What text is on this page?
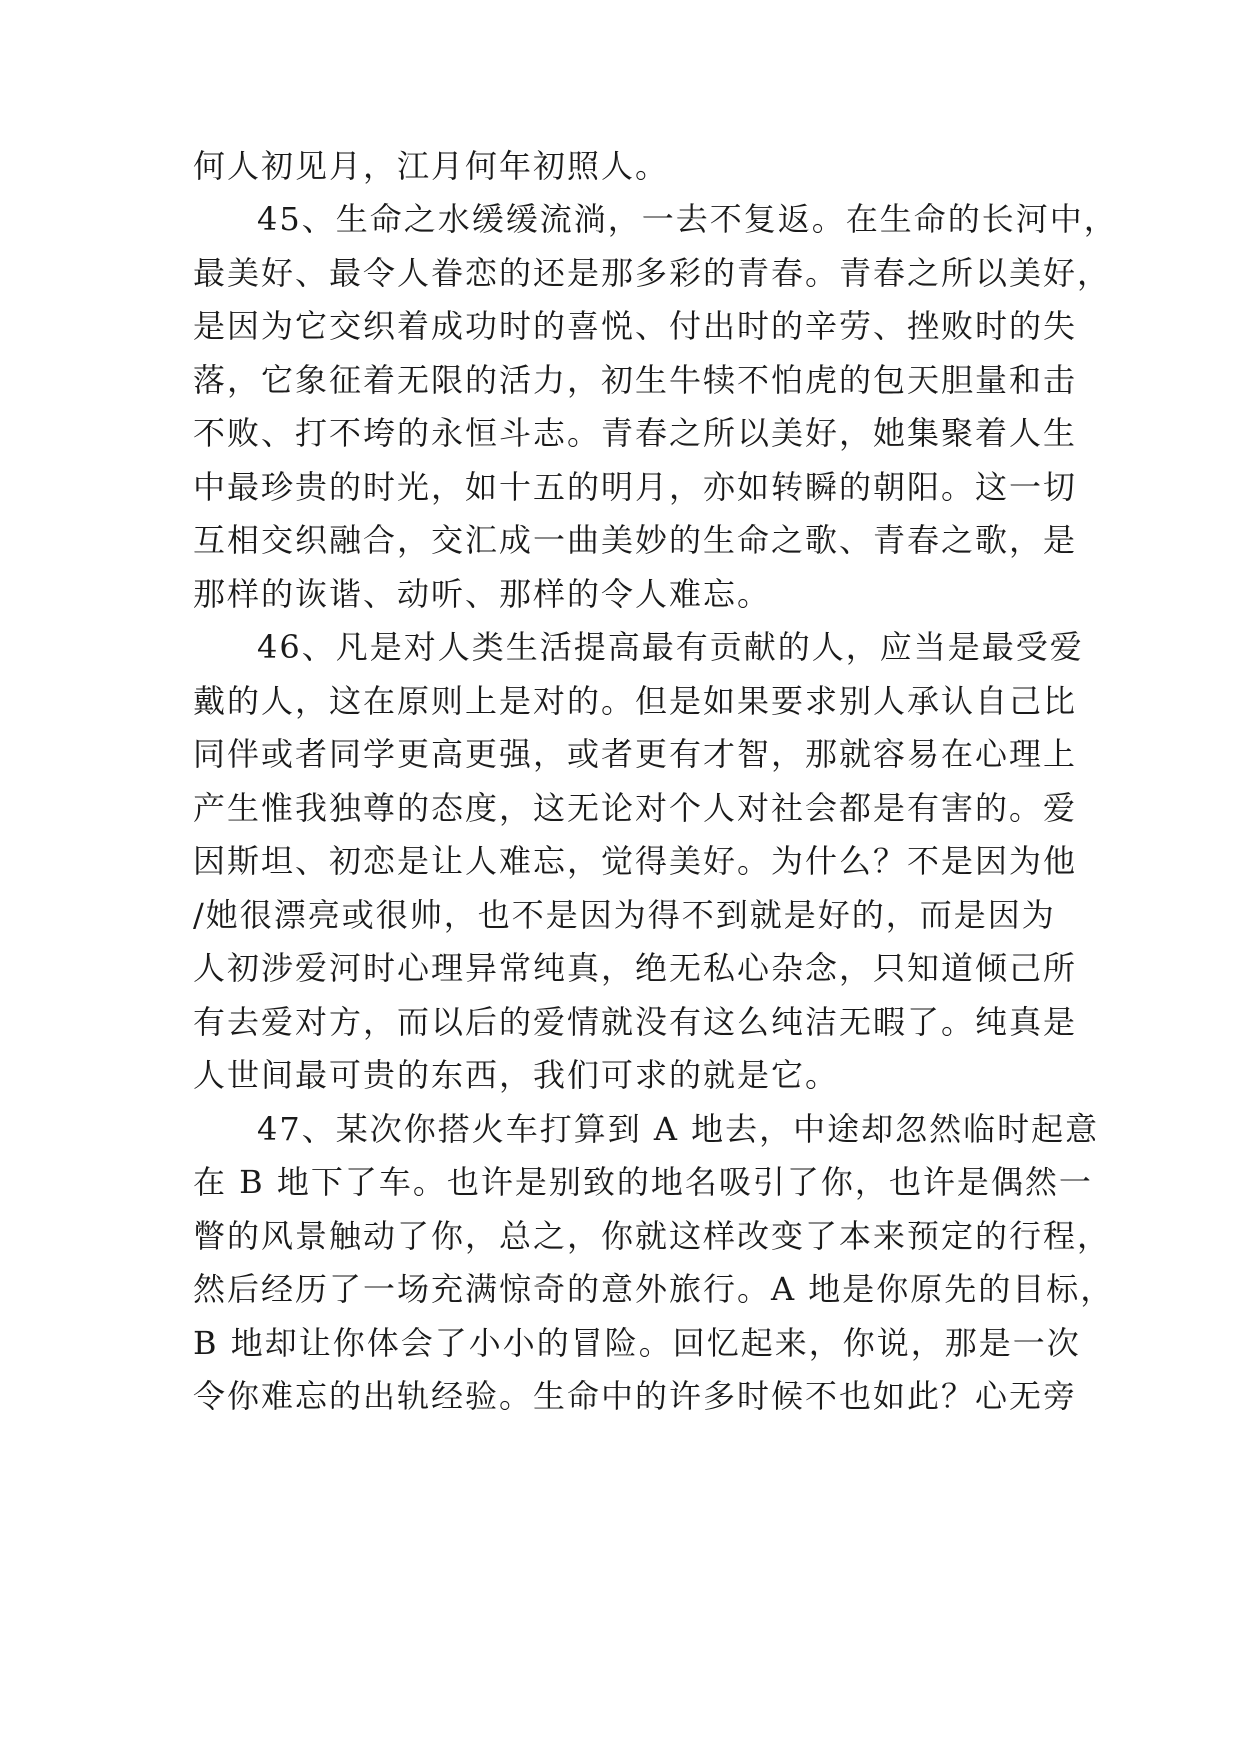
何人初见月，江月何年初照人。
45、生命之水缓缓流淌，一去不复返。在生命的长河中，
最美好、最令人眷恋的还是那多彩的青春。青春之所以美好，
是因为它交织着成功时的喜悦、付出时的辛劳、挫败时的失
落，它象征着无限的活力，初生牛犊不怕虎的包天胆量和击
不败、打不垮的永恒斗志。青春之所以美好，她集聚着人生
中最珍贵的时光，如十五的明月，亦如转瞬的朝阳。这一切
互相交织融合，交汇成一曲美妙的生命之歌、青春之歌，是
那样的诙谐、动听、那样的令人难忘。
46、凡是对人类生活提高最有贡献的人，应当是最受爱
戴的人，这在原则上是对的。但是如果要求别人承认自己比
同伴或者同学更高更强，或者更有才智，那就容易在心理上
产生惟我独尊的态度，这无论对个人对社会都是有害的。爱
因斯坦、初恋是让人难忘，觉得美好。为什么？不是因为他
/她很漂亮或很帅，也不是因为得不到就是好的，而是因为
人初涉爱河时心理异常纯真，绝无私心杂念，只知道倾己所
有去爱对方，而以后的爱情就没有这么纯洁无暇了。纯真是
人世间最可贵的东西，我们可求的就是它。
47、某次你搭火车打算到 A 地去，中途却忽然临时起意
在 B 地下了车。也许是别致的地名吸引了你，也许是偶然一
瞥的风景触动了你，总之，你就这样改变了本来预定的行程，
然后经历了一场充满惊奇的意外旅行。A 地是你原先的目标，
B 地却让你体会了小小的冒险。回忆起来，你说，那是一次
令你难忘的出轨经验。生命中的许多时候不也如此？心无旁
